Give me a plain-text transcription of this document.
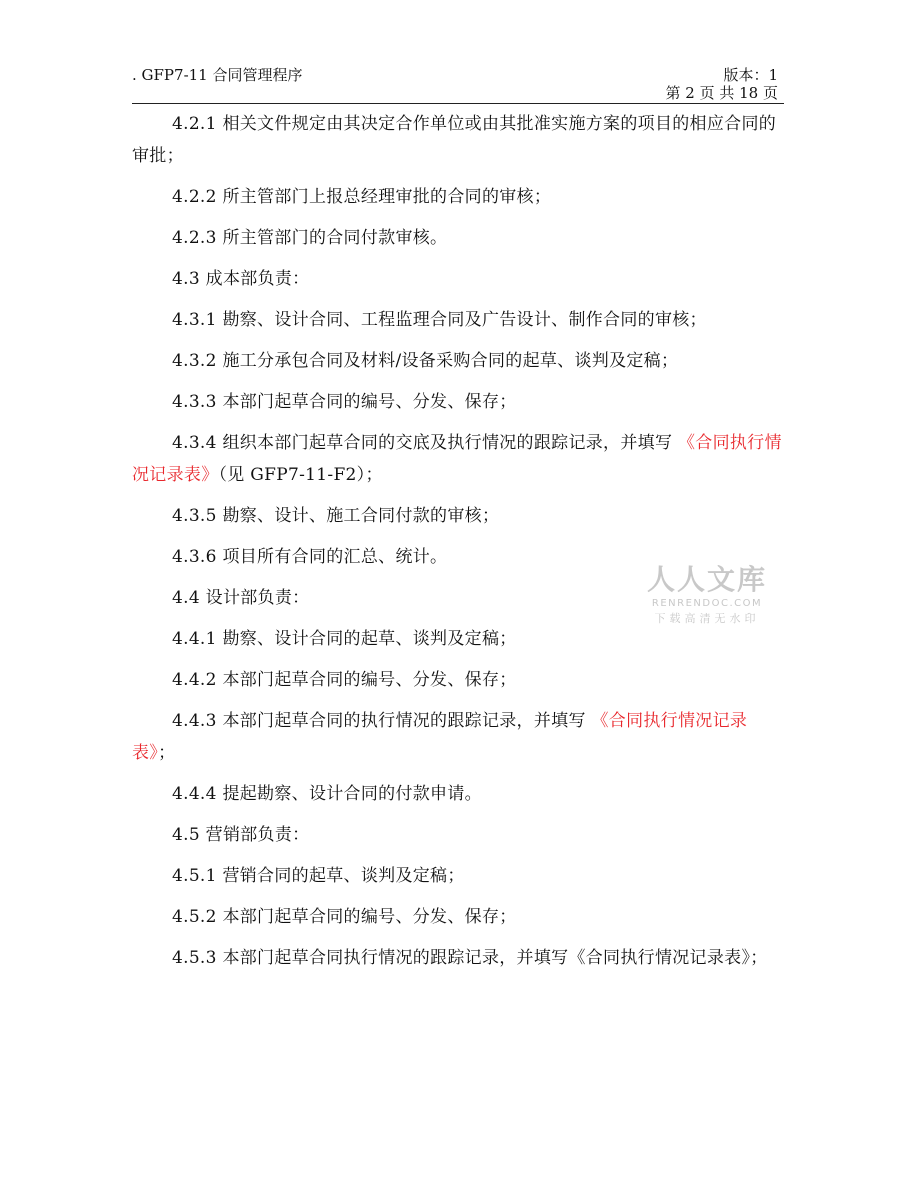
. GFP7-11 合同管理程序	版本：1
第 2 页 共 18 页

4.2.1 相关文件规定由其决定合作单位或由其批准实施方案的项目的相应合同的审批；

4.2.2 所主管部门上报总经理审批的合同的审核；

4.2.3 所主管部门的合同付款审核。

4.3 成本部负责：

4.3.1 勘察、设计合同、工程监理合同及广告设计、制作合同的审核；

4.3.2 施工分承包合同及材料/设备采购合同的起草、谈判及定稿；

4.3.3 本部门起草合同的编号、分发、保存；

4.3.4 组织本部门起草合同的交底及执行情况的跟踪记录，并填写 《合同执行情况记录表》（见 GFP7-11-F2）；

4.3.5 勘察、设计、施工合同付款的审核；

4.3.6 项目所有合同的汇总、统计。

4.4 设计部负责：

4.4.1 勘察、设计合同的起草、谈判及定稿；

4.4.2 本部门起草合同的编号、分发、保存；

4.4.3 本部门起草合同的执行情况的跟踪记录，并填写 《合同执行情况记录表》；

4.4.4 提起勘察、设计合同的付款申请。

4.5 营销部负责：

4.5.1 营销合同的起草、谈判及定稿；

4.5.2 本部门起草合同的编号、分发、保存；

4.5.3 本部门起草合同执行情况的跟踪记录，并填写《合同执行情况记录表》；

人人文库
RENRENDOC.COM
下载高清无水印
